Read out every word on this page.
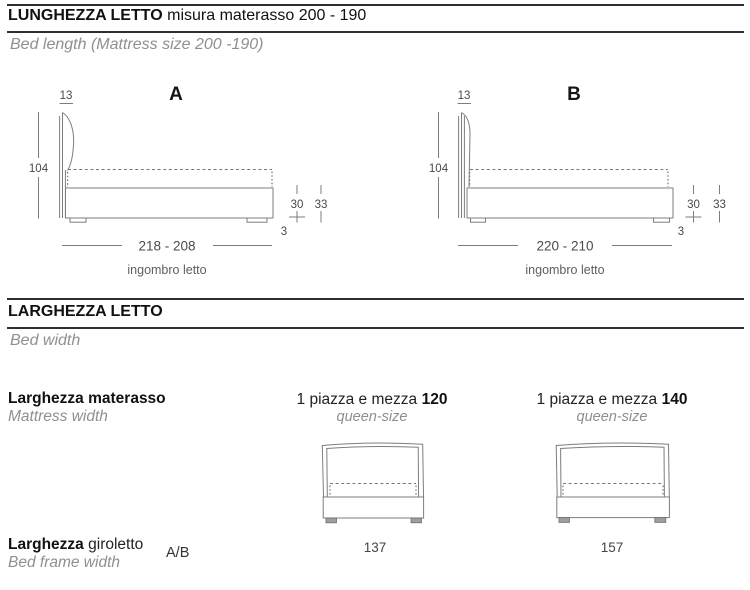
LUNGHEZZA LETTO misura materasso 200 - 190
Bed length (Mattress size 200 -190)
A
13
104
30 33
3
218 - 208
ingombro letto
B
13
104
30 33
3
220 - 210
ingombro letto
LARGHEZZA LETTO
Bed width
Larghezza materasso
Mattress width
1 piazza e mezza 120
queen-size
1 piazza e mezza 140
queen-size
Larghezza giroletto
Bed frame width
A/B	137	157
